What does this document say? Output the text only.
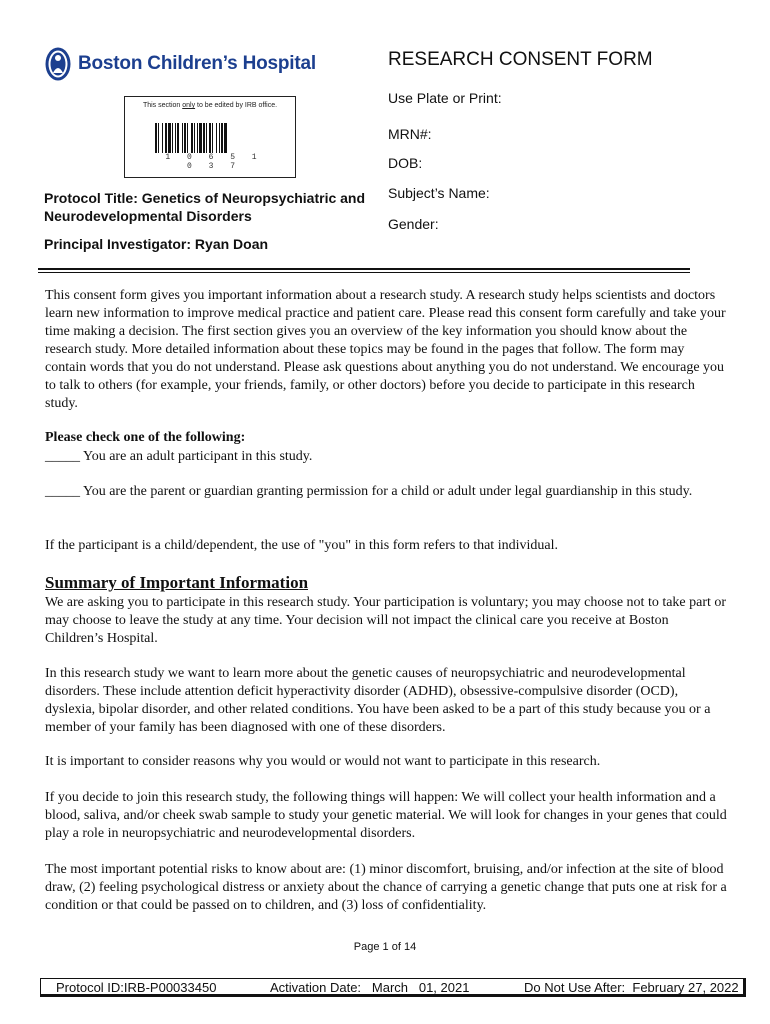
Boston Children’s Hospital
This section only to be edited by IRB office.
1 0 6 5 1 0 3 7
RESEARCH CONSENT FORM
Use Plate or Print:
MRN#:
DOB:
Subject’s Name:
Gender:
Protocol Title: Genetics of Neuropsychiatric and Neurodevelopmental Disorders
Principal Investigator: Ryan Doan

This consent form gives you important information about a research study. A research study helps scientists and doctors learn new information to improve medical practice and patient care. Please read this consent form carefully and take your time making a decision. The first section gives you an overview of the key information you should know about the research study. More detailed information about these topics may be found in the pages that follow. The form may contain words that you do not understand. Please ask questions about anything you do not understand. We encourage you to talk to others (for example, your friends, family, or other doctors) before you decide to participate in this research study.

Please check one of the following:

_____ You are an adult participant in this study.

_____ You are the parent or guardian granting permission for a child or adult under legal guardianship in this study.

If the participant is a child/dependent, the use of "you" in this form refers to that individual.

Summary of Important Information

We are asking you to participate in this research study. Your participation is voluntary; you may choose not to take part or may choose to leave the study at any time. Your decision will not impact the clinical care you receive at Boston Children’s Hospital.

In this research study we want to learn more about the genetic causes of neuropsychiatric and neurodevelopmental disorders. These include attention deficit hyperactivity disorder (ADHD), obsessive-compulsive disorder (OCD), dyslexia, bipolar disorder, and other related conditions. You have been asked to be a part of this study because you or a member of your family has been diagnosed with one of these disorders.

It is important to consider reasons why you would or would not want to participate in this research.

If you decide to join this research study, the following things will happen: We will collect your health information and a blood, saliva, and/or cheek swab sample to study your genetic material. We will look for changes in your genes that could play a role in neuropsychiatric and neurodevelopmental disorders.

The most important potential risks to know about are: (1) minor discomfort, bruising, and/or infection at the site of blood draw, (2) feeling psychological distress or anxiety about the chance of carrying a genetic change that puts one at risk for a condition or that could be passed on to children, and (3) loss of confidentiality.

Page 1 of 14
Protocol ID:IRB-P00033450	Activation Date:   March   01, 2021	Do Not Use After:  February 27, 2022
